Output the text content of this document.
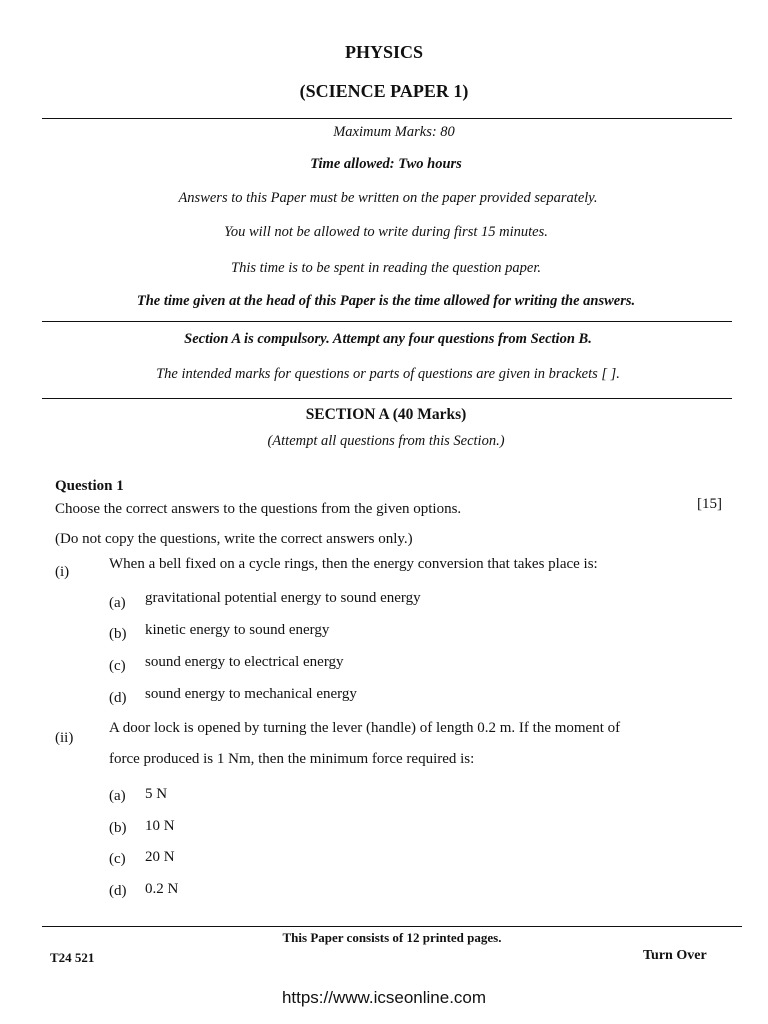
PHYSICS
(SCIENCE PAPER 1)
Maximum Marks: 80
Time allowed: Two hours
Answers to this Paper must be written on the paper provided separately.
You will not be allowed to write during first 15 minutes.
This time is to be spent in reading the question paper.
The time given at the head of this Paper is the time allowed for writing the answers.
Section A is compulsory. Attempt any four questions from Section B.
The intended marks for questions or parts of questions are given in brackets [ ].
SECTION A (40 Marks)
(Attempt all questions from this Section.)
Question 1
[15]
Choose the correct answers to the questions from the given options.
(Do not copy the questions, write the correct answers only.)
(i)	When a bell fixed on a cycle rings, then the energy conversion that takes place is:
(a) gravitational potential energy to sound energy
(b) kinetic energy to sound energy
(c) sound energy to electrical energy
(d) sound energy to mechanical energy
(ii)
A door lock is opened by turning the lever (handle) of length 0.2 m. If the moment of
force produced is 1 Nm, then the minimum force required is:
(a) 5 N
(b) 10 N
(c) 20 N
(d) 0.2 N
This Paper consists of 12 printed pages.
T24 521	Turn Over
https://www.icseonline.com
